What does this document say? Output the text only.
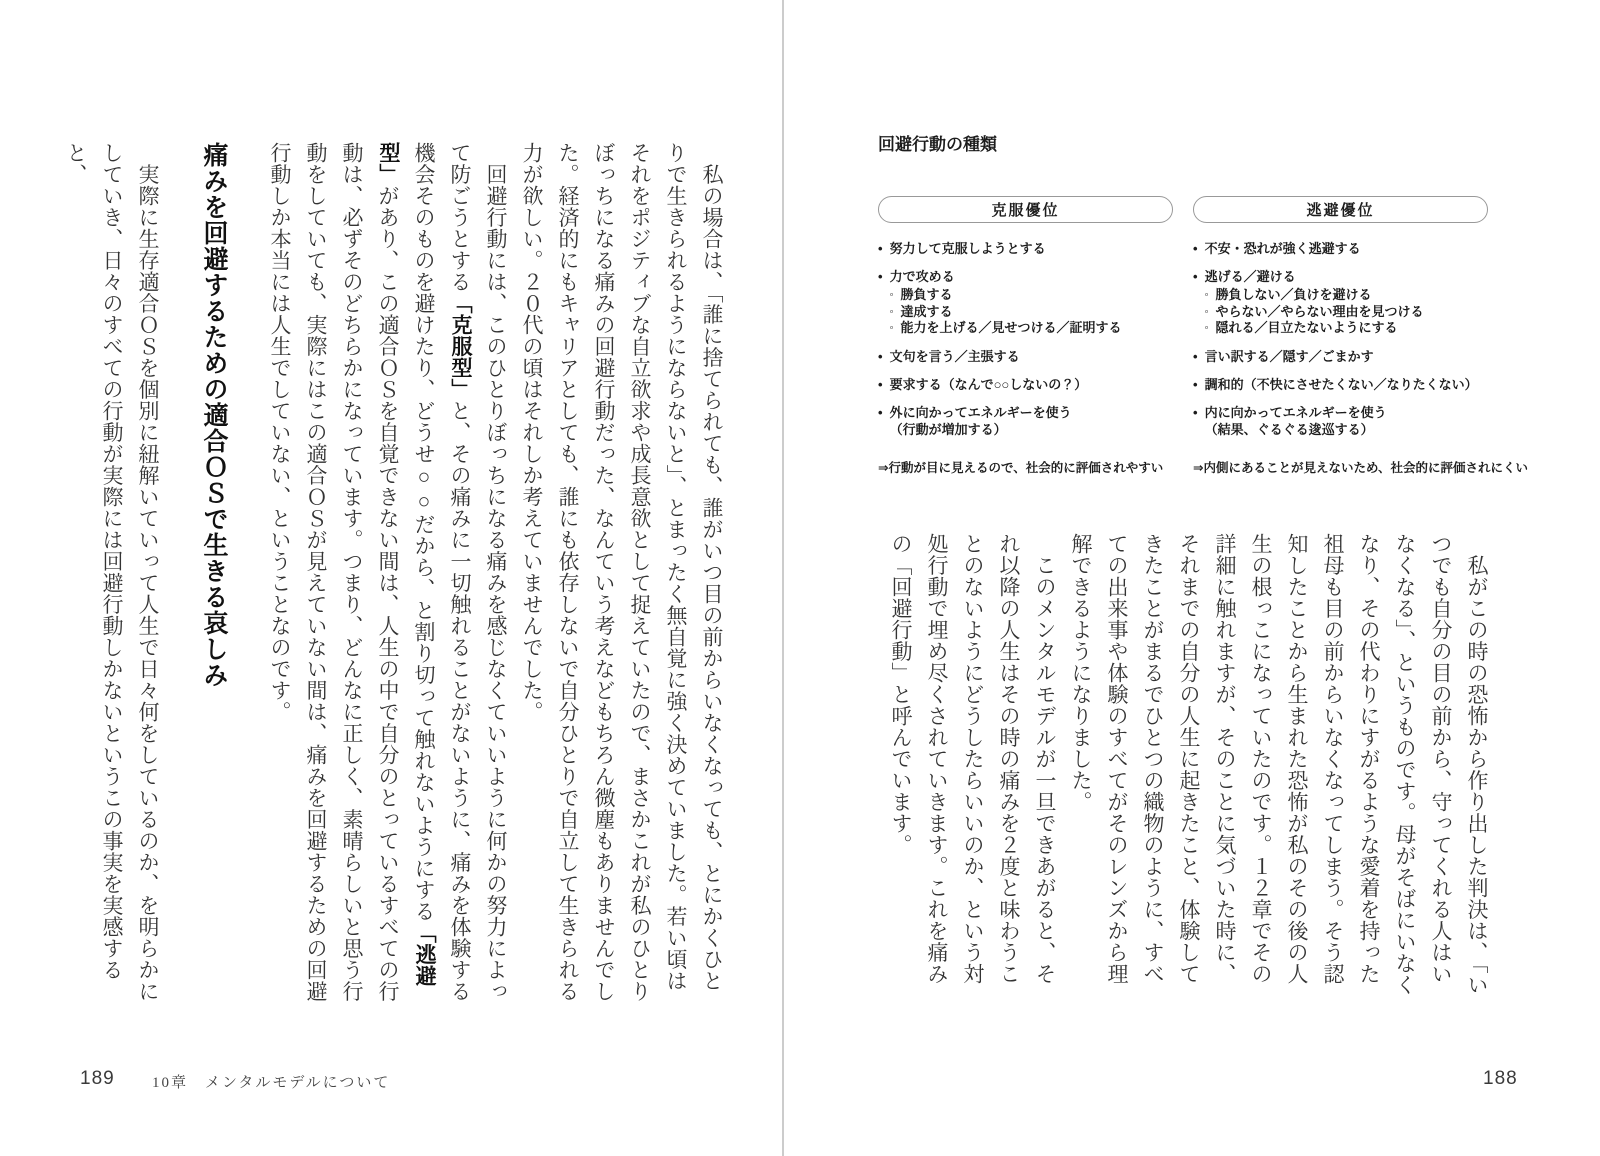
回避行動の種類
克服優位
• 努力して克服しようとする
• 力で攻める
◦ 勝負する
◦ 達成する
◦ 能力を上げる／見せつける／証明する
• 文句を言う／主張する
• 要求する（なんで○○しないの？）
• 外に向かってエネルギーを使う
（行動が増加する）
⇒行動が目に見えるので、社会的に評価されやすい
逃避優位
• 不安・恐れが強く逃避する
• 逃げる／避ける
◦ 勝負しない／負けを避ける
◦ やらない／やらない理由を見つける
◦ 隠れる／目立たないようにする
• 言い訳する／隠す／ごまかす
• 調和的（不快にさせたくない／なりたくない）
• 内に向かってエネルギーを使う
（結果、ぐるぐる逡巡する）
⇒内側にあることが見えないため、社会的に評価されにくい

　私がこの時の恐怖から作り出した判決は、「いつでも自分の目の前から、守ってくれる人はいなくなる」、というものです。母がそばにいなくなり、その代わりにすがるような愛着を持った祖母も目の前からいなくなってしまう。そう認知したことから生まれた恐怖が私のその後の人生の根っこになっていたのです。１２章でその詳細に触れますが、そのことに気づいた時に、それまでの自分の人生に起きたこと、体験してきたことがまるでひとつの織物のように、すべての出来事や体験のすべてがそのレンズから理解できるようになりました。

　このメンタルモデルが一旦できあがると、それ以降の人生はその時の痛みを２度と味わうことのないようにどうしたらいいのか、という対処行動で埋め尽くされていきます。これを痛みの「回避行動」と呼んでいます。

188

　私の場合は、「誰に捨てられても、誰がいつ目の前からいなくなっても、とにかくひとりで生きられるようにならないと」、とまったく無自覚に強く決めていました。若い頃はそれをポジティブな自立欲求や成長意欲として捉えていたので、まさかこれが私のひとりぼっちになる痛みの回避行動だった、なんていう考えなどもちろん微塵もありませんでした。経済的にもキャリアとしても、誰にも依存しないで自分ひとりで自立して生きられる力が欲しい。２０代の頃はそれしか考えていませんでした。

　回避行動には、このひとりぼっちになる痛みを感じなくていいように何かの努力によって防ごうとする「克服型」と、その痛みに一切触れることがないように、痛みを体験する機会そのものを避けたり、どうせ○○だから、と割り切って触れないようにする「逃避型」があり、この適合ＯＳを自覚できない間は、人生の中で自分のとっているすべての行動は、必ずそのどちらかになっています。つまり、どんなに正しく、素晴らしいと思う行動をしていても、実際にはこの適合ＯＳが見えていない間は、痛みを回避するための回避行動しか本当には人生でしていない、ということなのです。

痛みを回避するための適合ＯＳで生きる哀しみ

　実際に生存適合ＯＳを個別に紐解いていって人生で日々何をしているのか、を明らかにしていき、日々のすべての行動が実際には回避行動しかないというこの事実を実感すると、

189 10章　メンタルモデルについて
